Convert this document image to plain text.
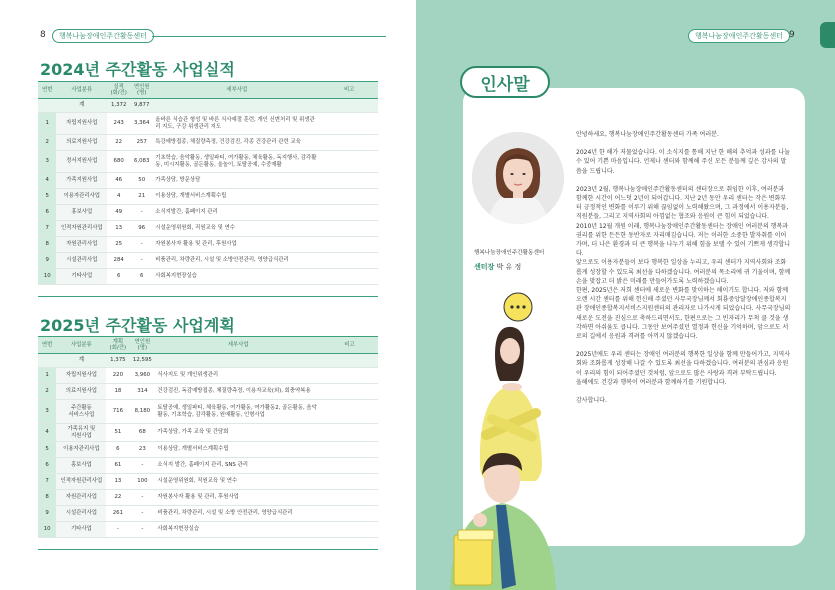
8	행복나눔장애인주간활동센터
2024년 주간활동 사업실적
연번	사업분류	실적
(회/건)	연인원
(명)	세부사업	비고
	계	1,372	9,877		
1	자립지원사업	243	3,364	올바른 식습관 형성 및 바른 식사예절 훈련, 개인 신변처리 및 위생관리 지도, 구강 위생관리 지도	
2	의료지원사업	22	257	특강예방접종, 체질량측정, 건강검진, 각종 건강관리 관련 교육	
3	정서지원사업	680	6,083	기초학습, 음악활동, 생일파티, 여가활동, 체육활동, 독지행사, 감각활동, 미시지활동, 골든활동, 울놀이, 토탈공예, 수중재활	
4	가족지원사업	46	50	가족상담, 방문상담	
5	이용자관리사업	4	21	이용상담, 개별서비스계획수립	
6	홍보사업	49	-	소식지발간, 홈페이지 관리	
7	인적자원관리사업	13	96	시설운영위원회, 직원교육 및 연수	
8	자원관리사업	25	-	자원봉사자 활용 및 관리, 후원사업	
9	시설관리사업	284	-	비품관리, 차량관리, 시설 및 소방안전관리, 영양급식관리	
10	기타사업	6	6	사회복지현장실습	
2025년 주간활동 사업계획
연번	사업분류	계획
(회/건)	연인원
(명)	세부사업	비고
	계	1,375	12,595		
1	자립지원사업	220	3,960	식사지도 및 개인위생관리	
2	의료지원사업	18	314	건강검진, 독감예방접종, 체질량측정, 이용자교육(외), 회충약복용	
3	주간활동
서비스사업	716	8,180	토탈공예, 생일파티, 체육활동, 여가활동, 여가활동2, 골든활동, 음악활동, 기초학습, 감각활동, 원예활동, 인형사업	
4	가족유지 및
지원사업	51	68	가족상담, 가족 교육 및 간담회	
5	이용자관리사업	6	23	이용상담, 개별서비스계획수립	
6	홍보사업	61	-	소식지 발간, 홈페이지 관리, SNS 관리	
7	인적자원관리사업	13	100	시설운영위원회, 직원교육 및 연수	
8	자원관리사업	22	-	자원봉사자 활용 및 관리, 후원사업	
9	시설관리사업	261	-	비품관리, 차량관리, 시설 및 소방 안전관리, 영양급식관리	
10	기타사업	-	-	사회복지현장실습	
행복나눔장애인주간활동센터 9
인사말
행복나눔장애인주간활동센터
센터장 박 유 정

안녕하세요, 행복나눔장애인주간활동센터 가족 여러분.

2024년 한 해가 저물었습니다. 이 소식지를 통해 지난 한 해의 추억과 성과를 나눌 수 있어 기쁜 마음입니다. 언제나 센터와 함께해 주신 모든 분들께 깊은 감사의 말씀을 드립니다.

2023년 2월, 행복나눔장애인주간활동센터의 센터장으로 취임한 이후, 여러분과 함께한 시간이 어느덧 2년이 되어갑니다. 지난 2년 동안 우리 센터는 작은 변화부터 긍정적인 변화를 이루기 위해 끊임없이 노력해왔으며, 그 과정에서 이용자분들, 직원분들, 그리고 지역사회의 아낌없는 협조와 응원이 큰 힘이 되었습니다.

2010년 12월 개원 이래, 행복나눔장애인주간활동센터는 장애인 여러분의 행복과 권리를 위한 든든한 동반자로 자리매김습니다. 저는 이러한 소중한 발자취를 이어가며, 더 나은 환경과 더 큰 행복을 나누기 위해 힘을 보탤 수 있어 기쁘게 생각합니다.

앞으로도 이용자분들이 보다 행복한 일상을 누리고, 우리 센터가 지역사회와 조화롭게 성장할 수 있도록 최선을 다하겠습니다. 여러분의 목소리에 귀 기울이며, 함께 손을 맞잡고 더 밝은 미래를 만들어가도록 노력하겠습니다.

한편, 2025년은 저희 센터에 새로운 변화를 맞이하는 해이기도 합니다. 저와 함께 오랜 시간 센터를 위해 헌신해 주셨던 사무국장님께서 회룡중앙달장애인종합복지관 장애인종합복지서비스지원센터의 관리자로 나가시게 되었습니다. 사무국장님의 새로운 도전을 진심으로 축하드리면서도, 한편으로는 그 빈자리가 무척 클 것을 생각하면 아쉬움도 큽니다. 그동안 보여주셨던 열정과 헌신을 기억하며, 앞으로도 서로의 길에서 응원과 격려를 아끼지 않겠습니다.

2025년에도 우리 센터는 장애인 여러분의 행복한 일상을 함께 만들어가고, 지역사회와 조화롭게 성장해 나갈 수 있도록 최선을 다하겠습니다. 여러분의 관심과 응원이 우리의 힘이 되어주셨던 것처럼, 앞으로도 많은 사랑과 격려 부탁드립니다.

올해에도 건강과 행복이 여러분과 함께하기를 기원합니다.

감사합니다.
